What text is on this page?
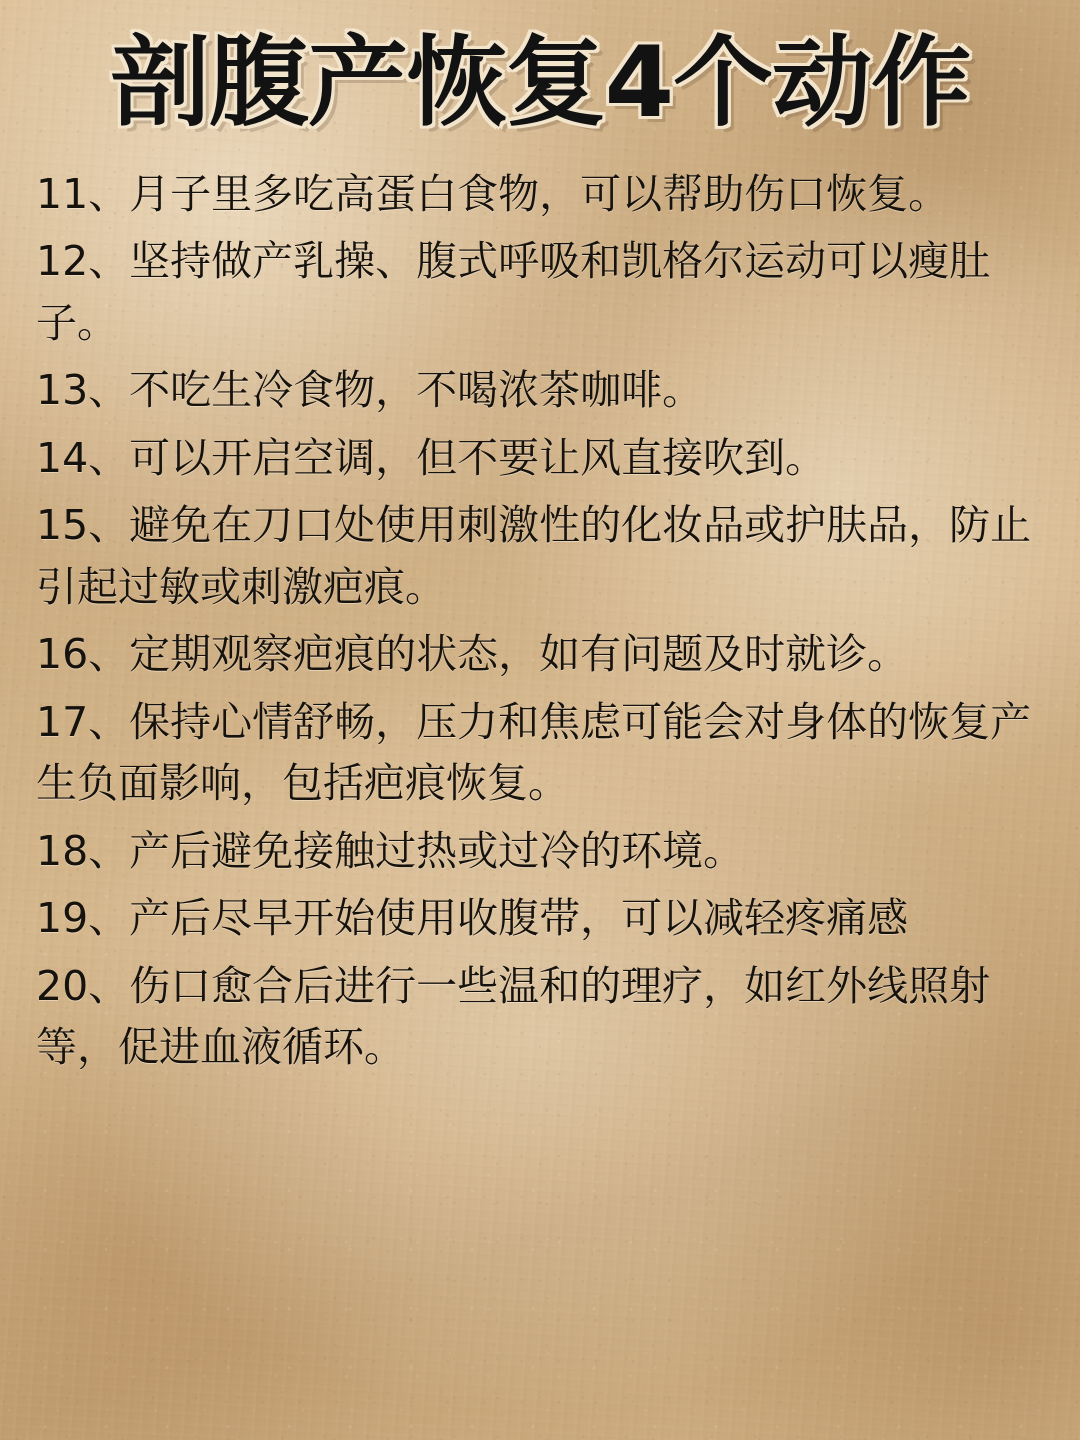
剖腹产恢复4个动作
11、月子里多吃高蛋白食物，可以帮助伤口恢复。
12、坚持做产乳操、腹式呼吸和凯格尔运动可以瘦肚子。
13、不吃生冷食物，不喝浓茶咖啡。
14、可以开启空调，但不要让风直接吹到。
15、避免在刀口处使用刺激性的化妆品或护肤品，防止引起过敏或刺激疤痕。
16、定期观察疤痕的状态，如有问题及时就诊。
17、保持心情舒畅，压力和焦虑可能会对身体的恢复产生负面影响，包括疤痕恢复。
18、产后避免接触过热或过冷的环境。
19、产后尽早开始使用收腹带，可以减轻疼痛感
20、伤口愈合后进行一些温和的理疗，如红外线照射等，促进血液循环。
